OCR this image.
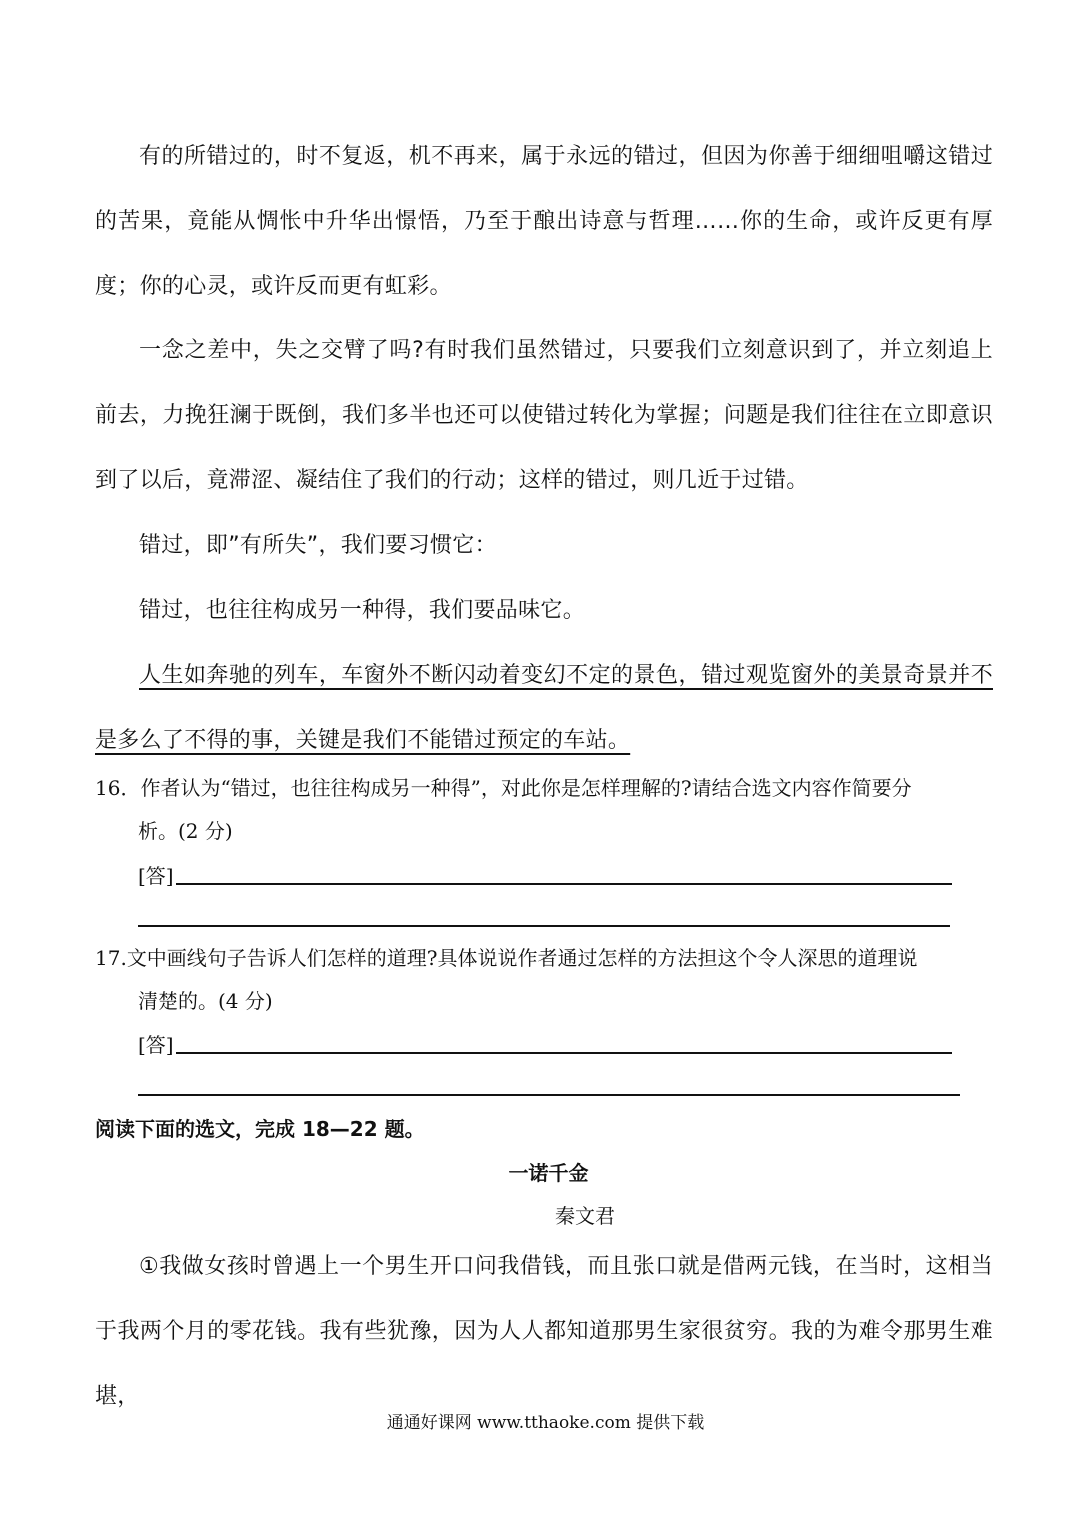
有的所错过的，时不复返，机不再来，属于永远的错过，但因为你善于细细咀嚼这错过的苦果，竟能从惆怅中升华出憬悟，乃至于酿出诗意与哲理……你的生命，或许反更有厚度；你的心灵，或许反而更有虹彩。

一念之差中，失之交臂了吗?有时我们虽然错过，只要我们立刻意识到了，并立刻追上前去，力挽狂澜于既倒，我们多半也还可以使错过转化为掌握；问题是我们往往在立即意识到了以后，竟滞涩、凝结住了我们的行动；这样的错过，则几近于过错。

错过，即”有所失”，我们要习惯它：

错过，也往往构成另一种得，我们要品味它。

人生如奔驰的列车，车窗外不断闪动着变幻不定的景色，错过观览窗外的美景奇景并不是多么了不得的事，关键是我们不能错过预定的车站。

16．作者认为“错过，也往往构成另一种得”，对此你是怎样理解的?请结合选文内容作简要分
析。(2 分)

[答]

17.文中画线句子告诉人们怎样的道理?具体说说作者通过怎样的方法担这个令人深思的道理说
清楚的。(4 分)

[答]

阅读下面的选文，完成 18—22 题。

一诺千金

秦文君

①我做女孩时曾遇上一个男生开口问我借钱，而且张口就是借两元钱，在当时，这相当于我两个月的零花钱。我有些犹豫，因为人人都知道那男生家很贫穷。我的为难令那男生难堪，

通通好课网 www.tthaoke.com 提供下载
